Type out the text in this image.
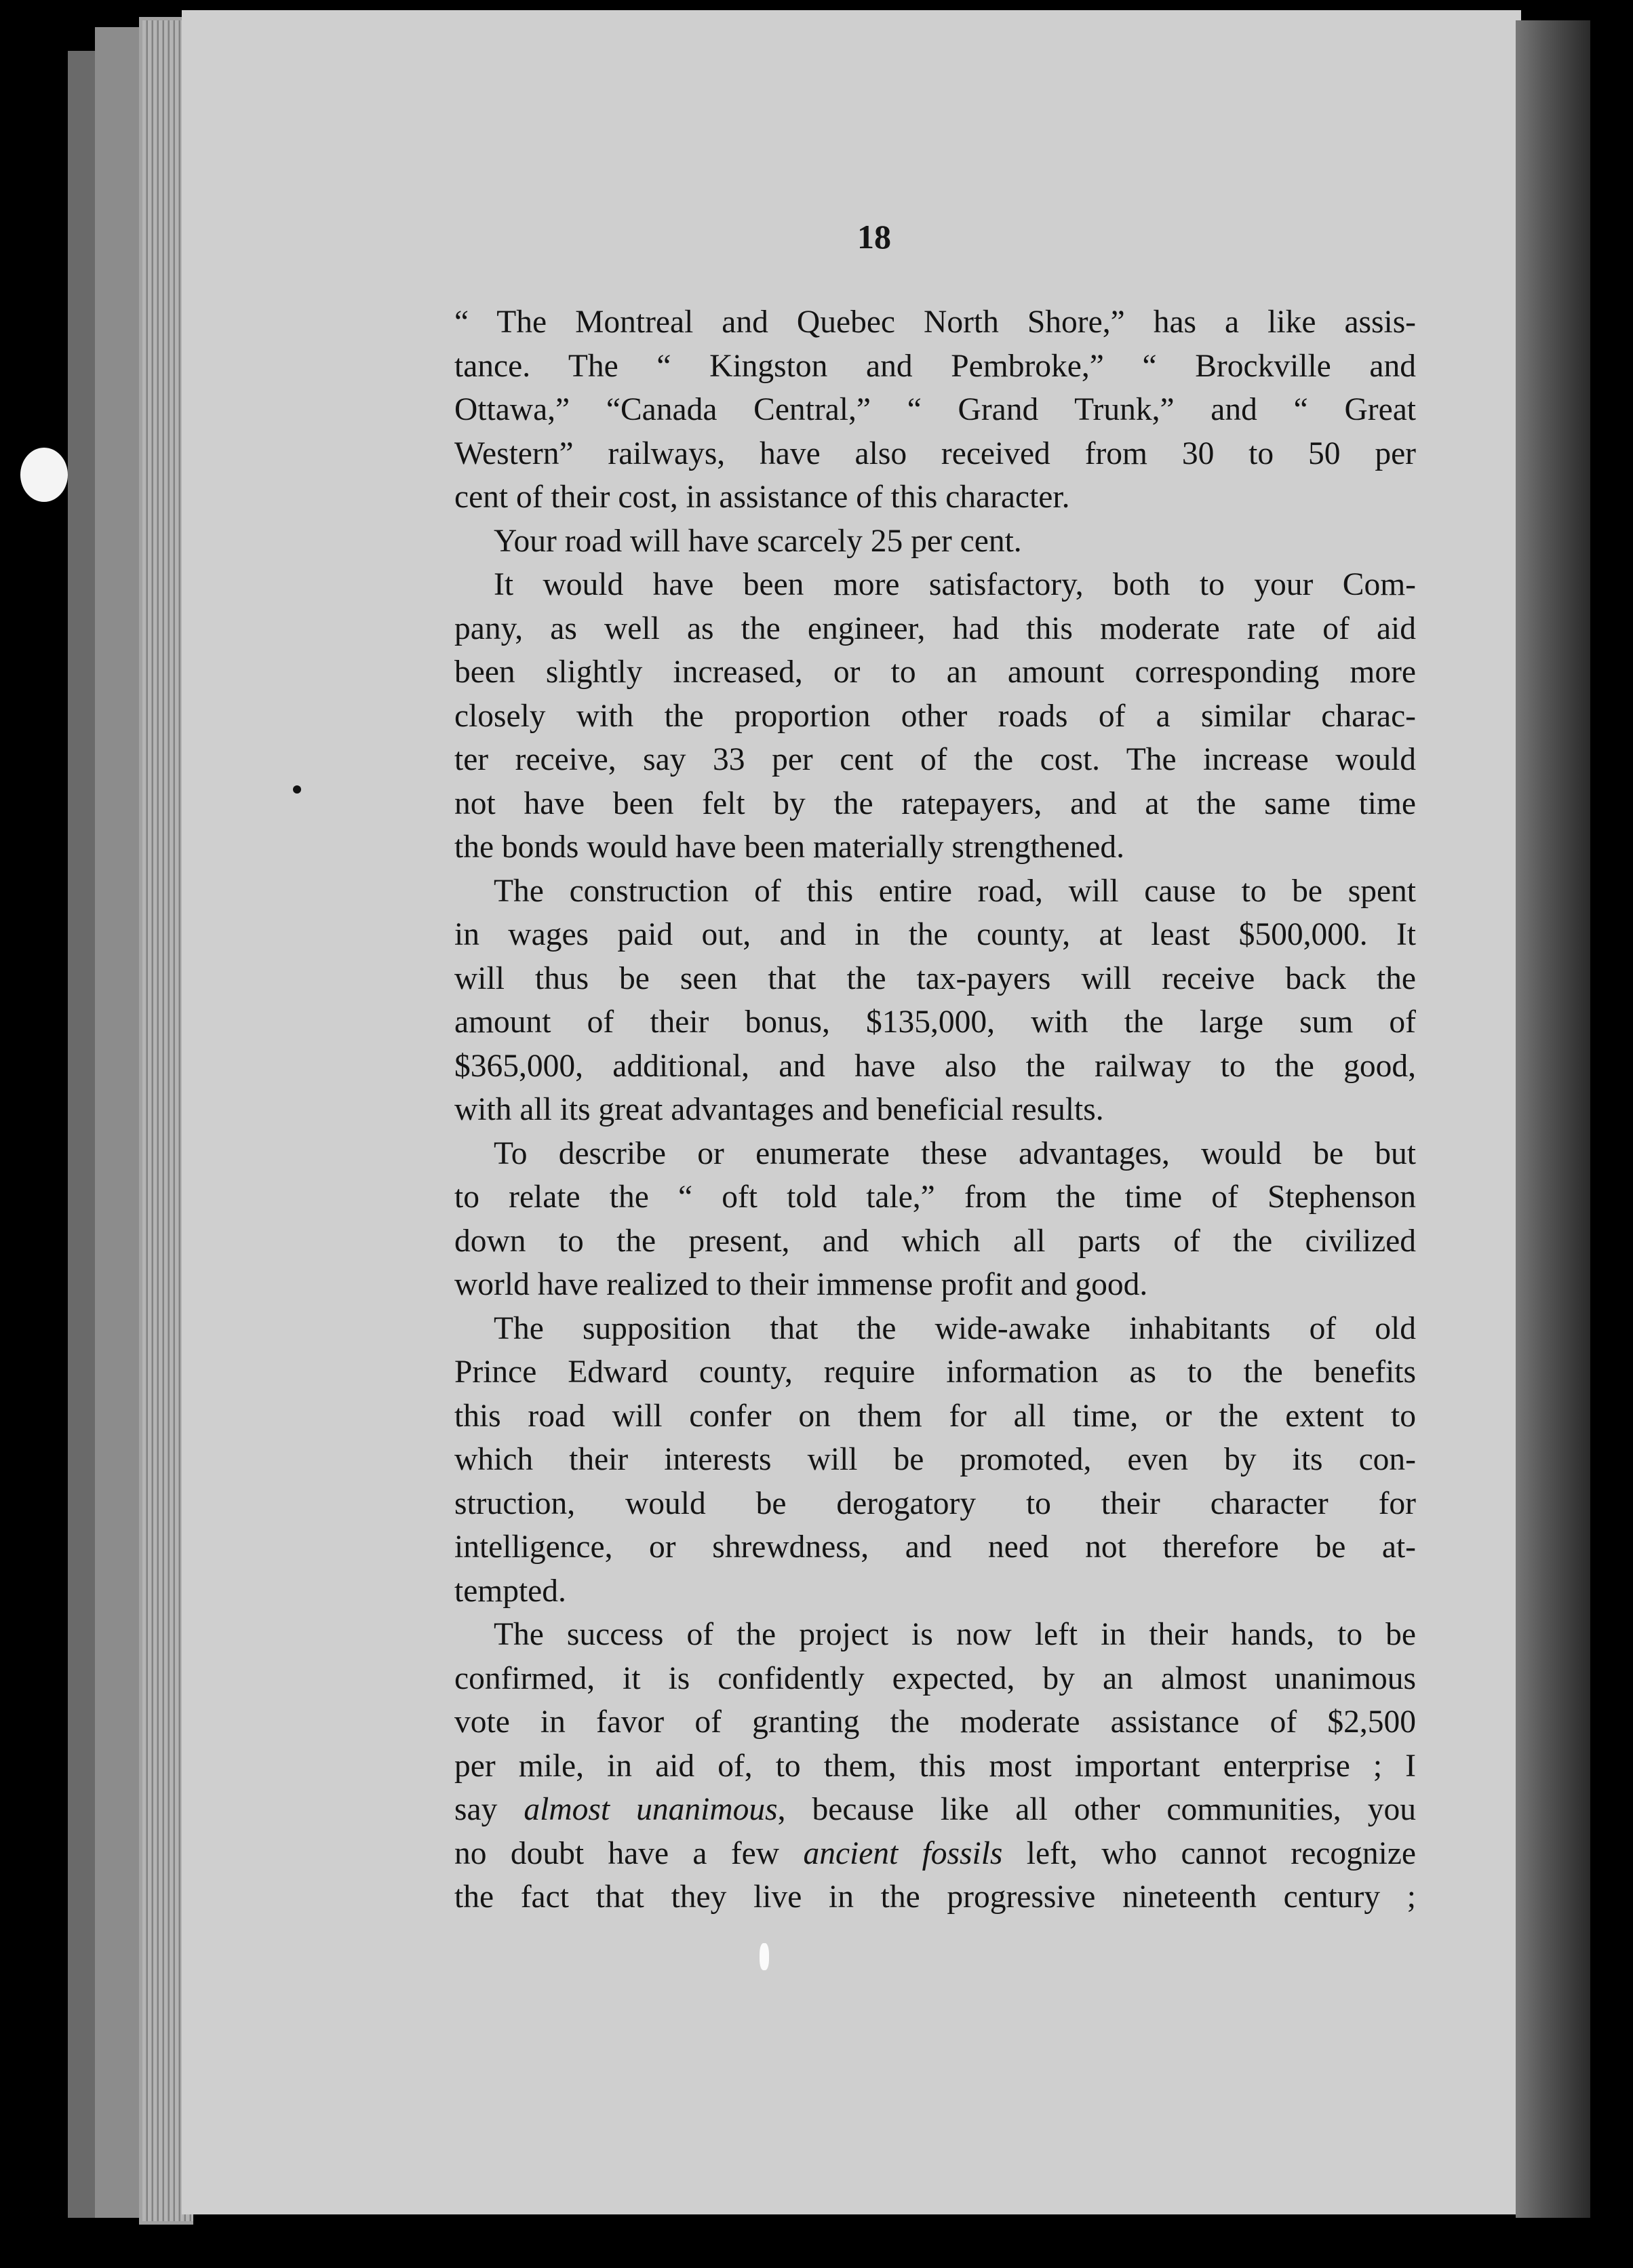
18

“ The Montreal and Quebec North Shore,” has a like assis-
tance. The “ Kingston and Pembroke,” “ Brockville and
Ottawa,” “Canada Central,” “ Grand Trunk,” and “ Great
Western” railways, have also received from 30 to 50 per
cent of their cost, in assistance of this character.

Your road will have scarcely 25 per cent.

It would have been more satisfactory, both to your Com-
pany, as well as the engineer, had this moderate rate of aid
been slightly increased, or to an amount corresponding more
closely with the proportion other roads of a similar charac-
ter receive, say 33 per cent of the cost. The increase would
not have been felt by the ratepayers, and at the same time
the bonds would have been materially strengthened.

The construction of this entire road, will cause to be spent
in wages paid out, and in the county, at least $500,000. It
will thus be seen that the tax-payers will receive back the
amount of their bonus, $135,000, with the large sum of
$365,000, additional, and have also the railway to the good,
with all its great advantages and beneficial results.

To describe or enumerate these advantages, would be but
to relate the “ oft told tale,” from the time of Stephenson
down to the present, and which all parts of the civilized
world have realized to their immense profit and good.

The supposition that the wide-awake inhabitants of old
Prince Edward county, require information as to the benefits
this road will confer on them for all time, or the extent to
which their interests will be promoted, even by its con-
struction, would be derogatory to their character for
intelligence, or shrewdness, and need not therefore be at-
tempted.

The success of the project is now left in their hands, to be
confirmed, it is confidently expected, by an almost unanimous
vote in favor of granting the moderate assistance of $2,500
per mile, in aid of, to them, this most important enterprise ; I
say almost unanimous, because like all other communities, you
no doubt have a few ancient fossils left, who cannot recognize
the fact that they live in the progressive nineteenth century ;
